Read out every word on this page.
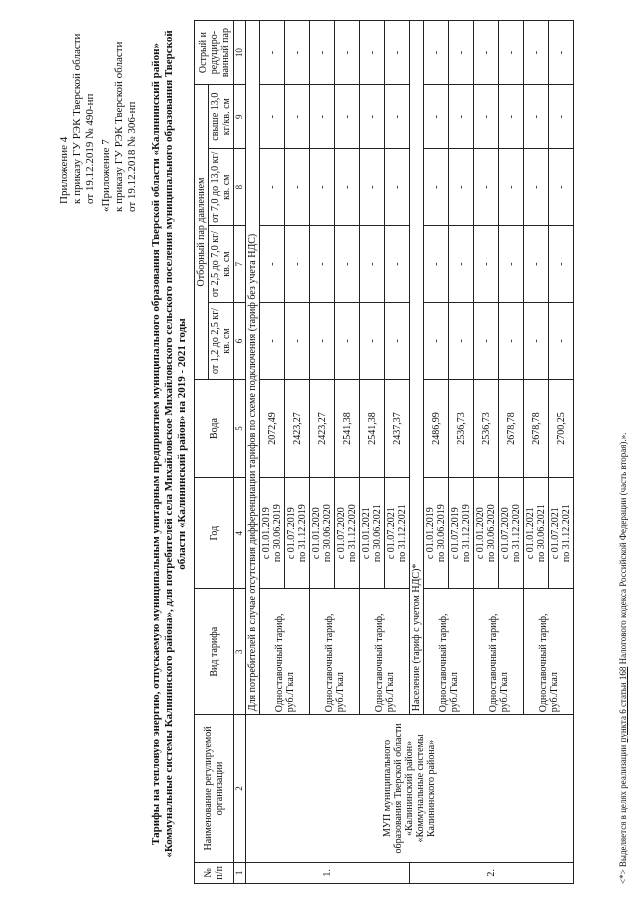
Приложение 4 к приказу ГУ РЭК Тверской области от 19.12.2019 № 490-нп «Приложение 7 к приказу ГУ РЭК Тверской области от 19.12.2018 № 306-нп Тарифы на тепловую энергию, отпускаемую муниципальным унитарным предприятием муниципального образования Тверской области «Калининский район» «Коммунальные системы Калининского района», для потребителей села Михайловское Михайловского сельского поселения муниципального образования Тверской области «Калининский район» на 2019 - 2021 годы
№ п/п	Наименование регулируемой организации	Вид тарифа	Год	Вода	Отборный пар давлением				Острый и редуциро-ванный пар
					от 1,2 до 2,5 кг/кв. см	от 2,5 до 7,0 кг/кв. см	от 7,0 до 13,0 кг/кв. см	свыше 13,0 кг/кв. см	
1	2	3	4	5	6	7	8	9	10
1.	МУП муниципального образования Тверской области «Калининский район» «Коммунальные системы Калининского района»	Для потребителей в случае отсутствия дифференциации тарифов по схеме подключения (тариф без учета НДС)							
		Одноставочный тариф, руб./Гкал	с 01.01.2019 по 30.06.2019	2072,49	-	-	-	-	-

			с 01.07.2019 по 31.12.2019	2423,27	-	-	-	-	-
		Одноставочный тариф, руб./Гкал	с 01.01.2020 по 30.06.2020	2423,27	-	-	-	-	-

			с 01.07.2020 по 31.12.2020	2541,38	-	-	-	-	-
		Одноставочный тариф, руб./Гкал	с 01.01.2021 по 30.06.2021	2541,38	-	-	-	-	-

			с 01.07.2021 по 31.12.2021	2437,37	-	-	-	-	-
2.		Население (тариф с учетом НДС)*							
		Одноставочный тариф, руб./Гкал	с 01.01.2019 по 30.06.2019	2486,99	-	-	-	-	-

			с 01.07.2019 по 31.12.2019	2536,73	-	-	-	-	-
		Одноставочный тариф, руб./Гкал	с 01.01.2020 по 30.06.2020	2536,73	-	-	-	-	-

			с 01.07.2020 по 31.12.2020	2678,78	-	-	-	-	-
		Одноставочный тариф, руб./Гкал	с 01.01.2021 по 30.06.2021	2678,78	-	-	-	-	-

			с 01.07.2021 по 31.12.2021	2700,25	-	-	-	-	-
<*> Выделяется в целях реализации пункта 6 статьи 168 Налогового кодекса Российской Федерации (часть вторая).».
